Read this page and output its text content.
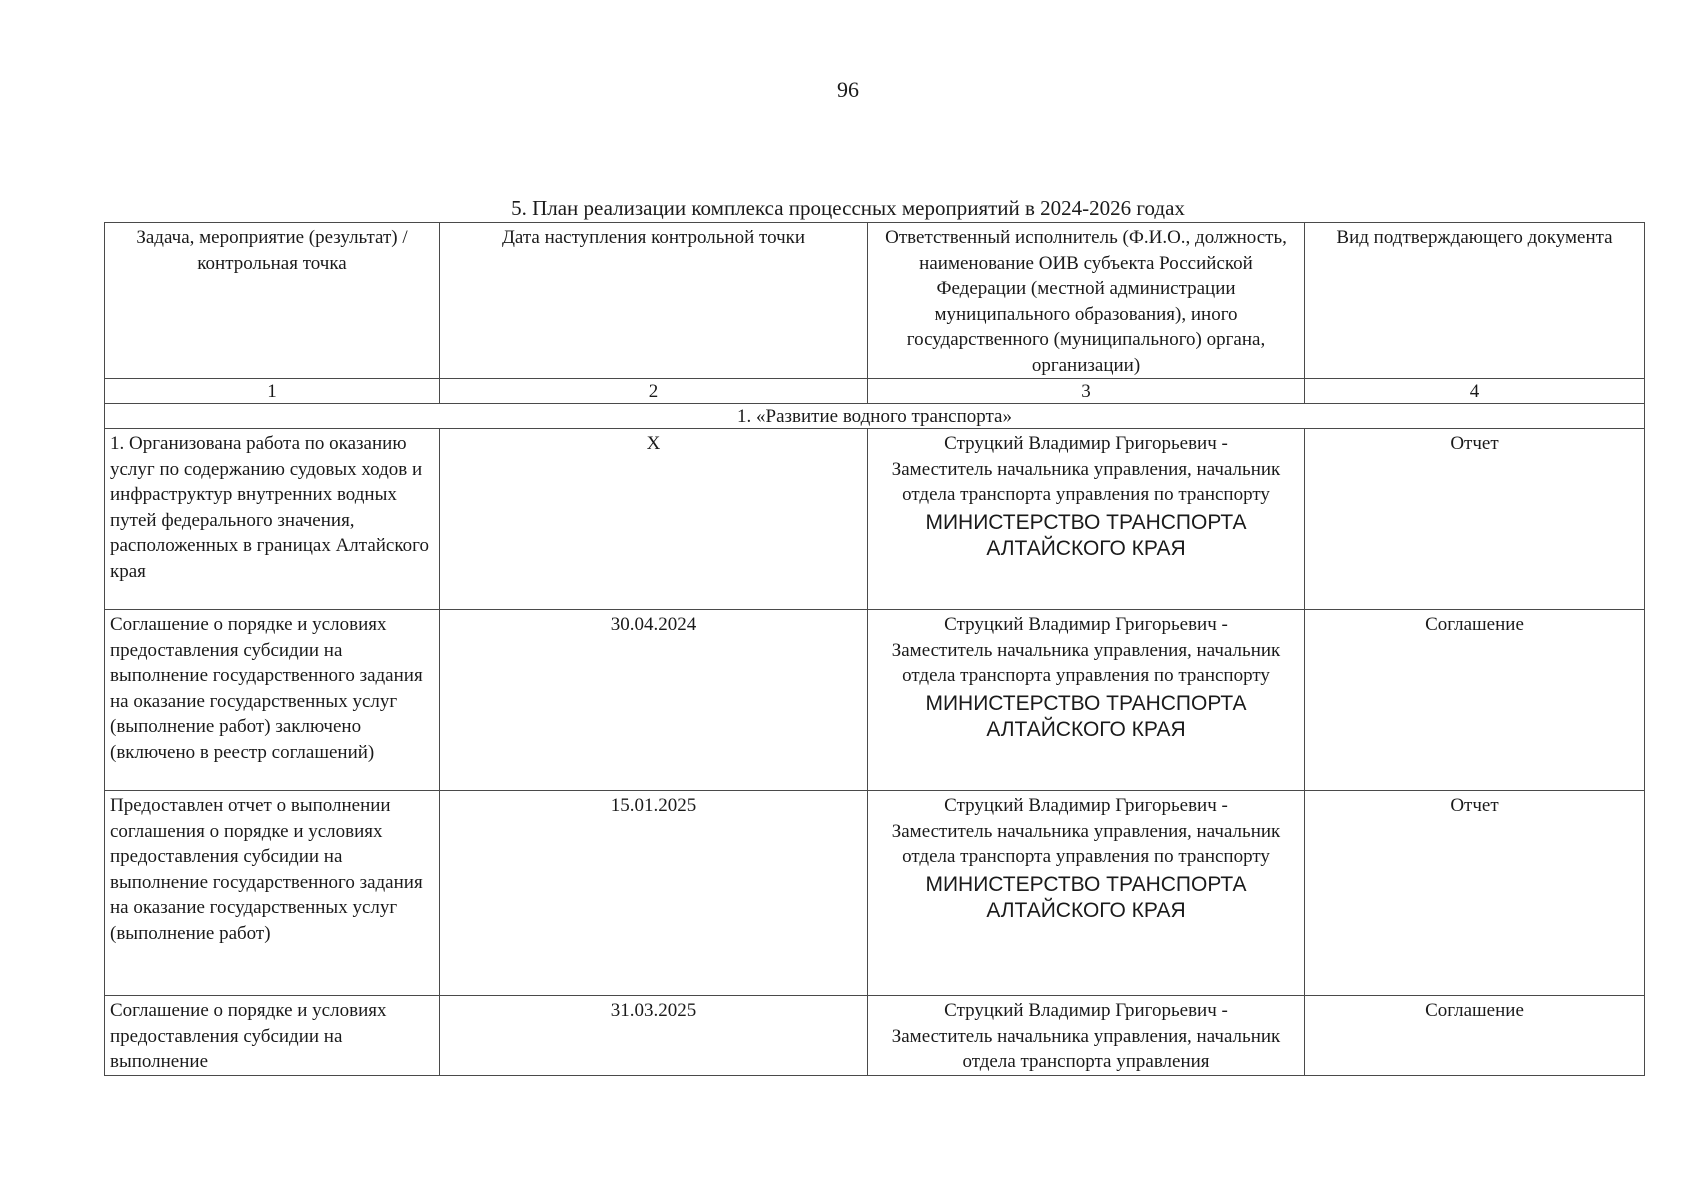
96
5. План реализации комплекса процессных мероприятий в 2024-2026 годах
Задача, мероприятие (результат) / контрольная точка	Дата наступления контрольной точки	Ответственный исполнитель (Ф.И.О., должность, наименование ОИВ субъекта Российской Федерации (местной администрации муниципального образования), иного государственного (муниципального) органа, организации)	Вид подтверждающего документа
1	2	3	4
1. «Развитие водного транспорта»			
1. Организована работа по оказанию услуг по содержанию судовых ходов и инфраструктур внутренних водных путей федерального значения, расположенных в границах Алтайского края	X	Струцкий Владимир Григорьевич -
Заместитель начальника управления, начальник отдела транспорта управления по транспорту
МИНИСТЕРСТВО ТРАНСПОРТА АЛТАЙСКОГО КРАЯ	Отчет
Соглашение о порядке и условиях предоставления субсидии на выполнение государственного задания на оказание государственных услуг (выполнение работ) заключено (включено в реестр соглашений)	30.04.2024	Струцкий Владимир Григорьевич -
Заместитель начальника управления, начальник отдела транспорта управления по транспорту
МИНИСТЕРСТВО ТРАНСПОРТА АЛТАЙСКОГО КРАЯ	Соглашение
Предоставлен отчет о выполнении соглашения о порядке и условиях предоставления субсидии на выполнение государственного задания на оказание государственных услуг (выполнение работ)	15.01.2025	Струцкий Владимир Григорьевич -
Заместитель начальника управления, начальник отдела транспорта управления по транспорту
МИНИСТЕРСТВО ТРАНСПОРТА АЛТАЙСКОГО КРАЯ	Отчет
Соглашение о порядке и условиях предоставления субсидии на выполнение	31.03.2025	Струцкий Владимир Григорьевич -
Заместитель начальника управления, начальник отдела транспорта управления	Соглашение
